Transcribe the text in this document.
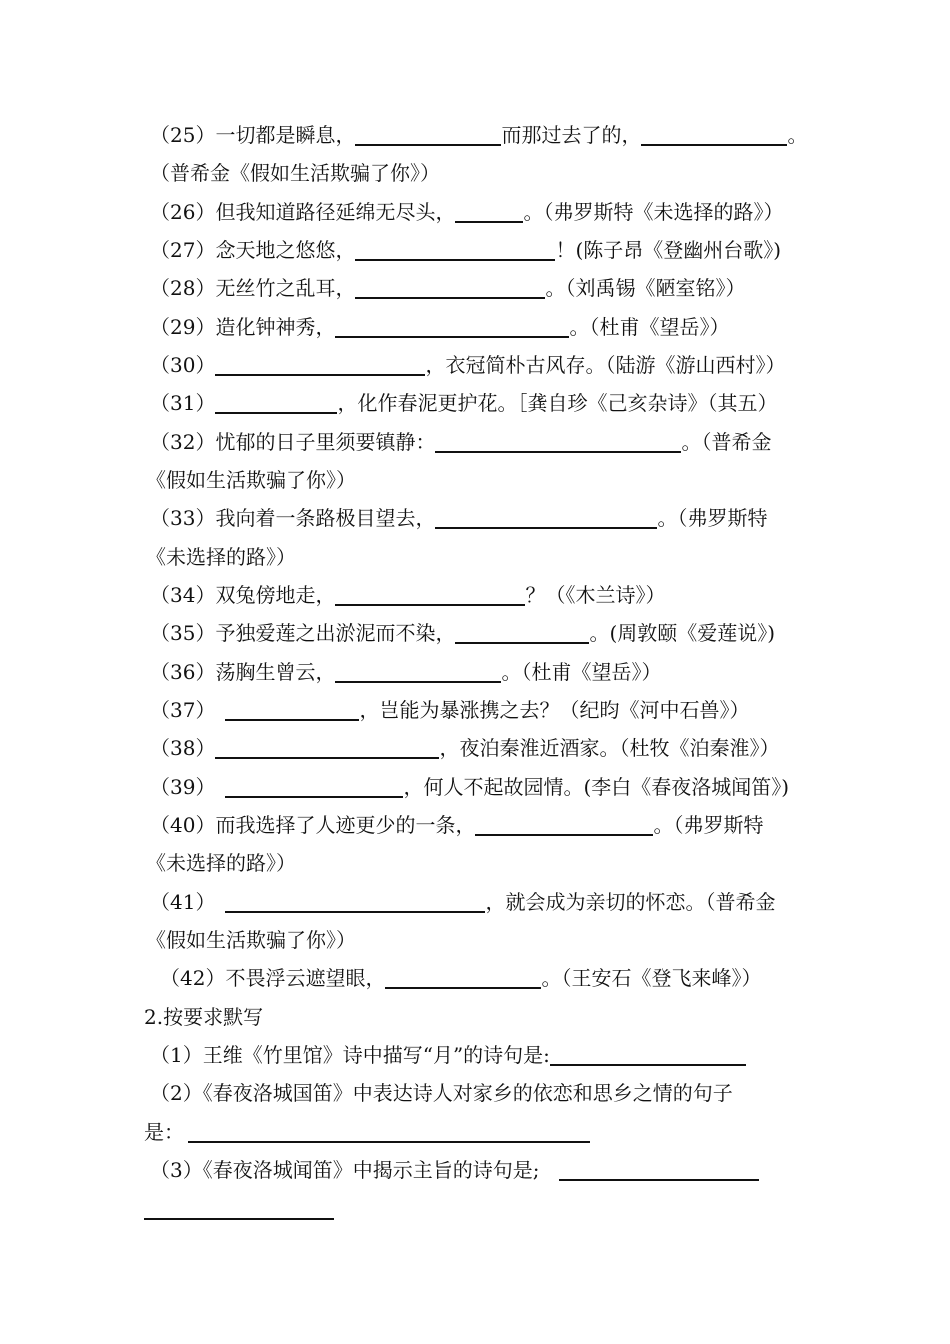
（25）一切都是瞬息，	而那过去了的，	。
（普希金《假如生活欺骗了你》）
（26）但我知道路径延绵无尽头，	。（弗罗斯特《未选择的路》）
（27）念天地之悠悠，	！(陈子昂《登幽州台歌》)
（28）无丝竹之乱耳，	。（刘禹锡《陋室铭》）
（29）造化钟神秀，	。（杜甫《望岳》）
（30）	，衣冠简朴古风存。（陆游《游山西村》）
（31）	，化作春泥更护花。［龚自珍《己亥杂诗》（其五）
（32）忧郁的日子里须要镇静：	。（普希金
《假如生活欺骗了你》）
（33）我向着一条路极目望去，	。（弗罗斯特
《未选择的路》）
（34）双兔傍地走，	？（《木兰诗》）
（35）予独爱莲之出淤泥而不染，	。(周敦颐《爱莲说》)
（36）荡胸生曾云，	。（杜甫《望岳》）
（37）	，岂能为暴涨携之去？（纪昀《河中石兽》）
（38）	，夜泊秦淮近酒家。（杜牧《泊秦淮》）
（39）	，何人不起故园情。(李白《春夜洛城闻笛》)
（40）而我选择了人迹更少的一条，	。（弗罗斯特
《未选择的路》）
（41）	，就会成为亲切的怀恋。（普希金
《假如生活欺骗了你》）
（42）不畏浮云遮望眼，	。（王安石《登飞来峰》）
2.按要求默写
（1）王维《竹里馆》诗中描写“月”的诗句是:
（2）《春夜洛城国笛》中表达诗人对家乡的依恋和思乡之情的句子
是：
（3）《春夜洛城闻笛》中揭示主旨的诗句是;
